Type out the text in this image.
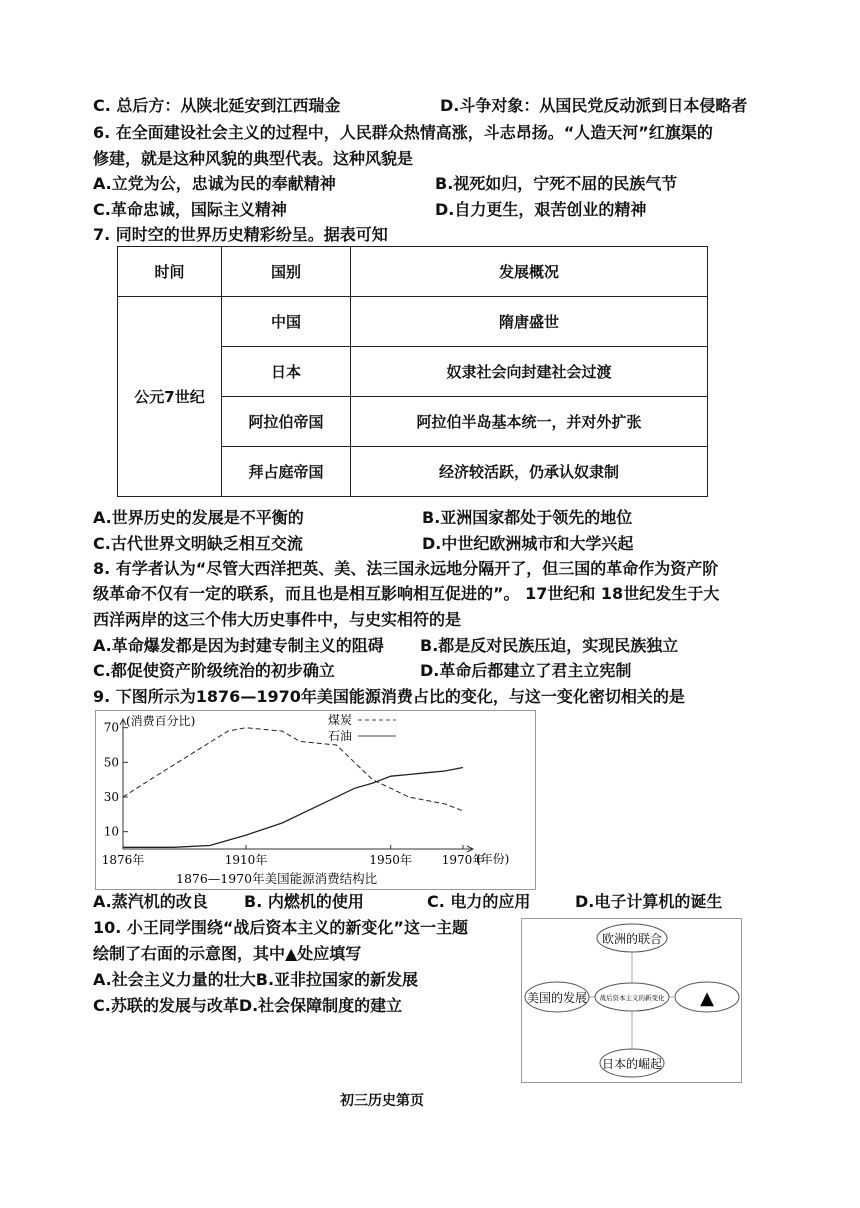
C. 总后方：从陕北延安到江西瑞金	D.斗争对象：从国民党反动派到日本侵略者
6. 在全面建设社会主义的过程中，人民群众热情高涨，斗志昂扬。“人造天河”红旗渠的
修建，就是这种风貌的典型代表。这种风貌是
A.立党为公，忠诚为民的奉献精神	B.视死如归，宁死不屈的民族气节
C.革命忠诚，国际主义精神	D.自力更生，艰苦创业的精神
7. 同时空的世界历史精彩纷呈。据表可知
时间	国别	发展概况
公元7世纪	中国	隋唐盛世
	日本	奴隶社会向封建社会过渡
	阿拉伯帝国	阿拉伯半岛基本统一，并对外扩张
	拜占庭帝国	经济较活跃，仍承认奴隶制
A.世界历史的发展是不平衡的	B.亚洲国家都处于领先的地位
C.古代世界文明缺乏相互交流	D.中世纪欧洲城市和大学兴起
8. 有学者认为“尽管大西洋把英、美、法三国永远地分隔开了，但三国的革命作为资产阶
级革命不仅有一定的联系，而且也是相互影响相互促进的”。 17世纪和 18世纪发生于大
西洋两岸的这三个伟大历史事件中，与史实相符的是
A.革命爆发都是因为封建专制主义的阻碍 B.都是反对民族压迫，实现民族独立
C.都促使资产阶级统治的初步确立	D.革命后都建立了君主立宪制
9. 下图所示为1876—1970年美国能源消费占比的变化，与这一变化密切相关的是
10
30
50
70
1876年	1910年	1950年 1970年
(消费百分比)
(年份)
煤炭
石油
1876—1970年美国能源消费结构比
A.蒸汽机的改良 B. 内燃机的使用	C. 电力的应用	D.电子计算机的诞生
10. 小王同学围绕“战后资本主义的新变化”这一主题
绘制了右面的示意图，其中▲处应填写
A.社会主义力量的壮大B.亚非拉国家的新发展
C.苏联的发展与改革D.社会保障制度的建立
欧洲的联合
美国的发展 战后资本主义的新变化 ▲
日本的崛起
初三历史第页
